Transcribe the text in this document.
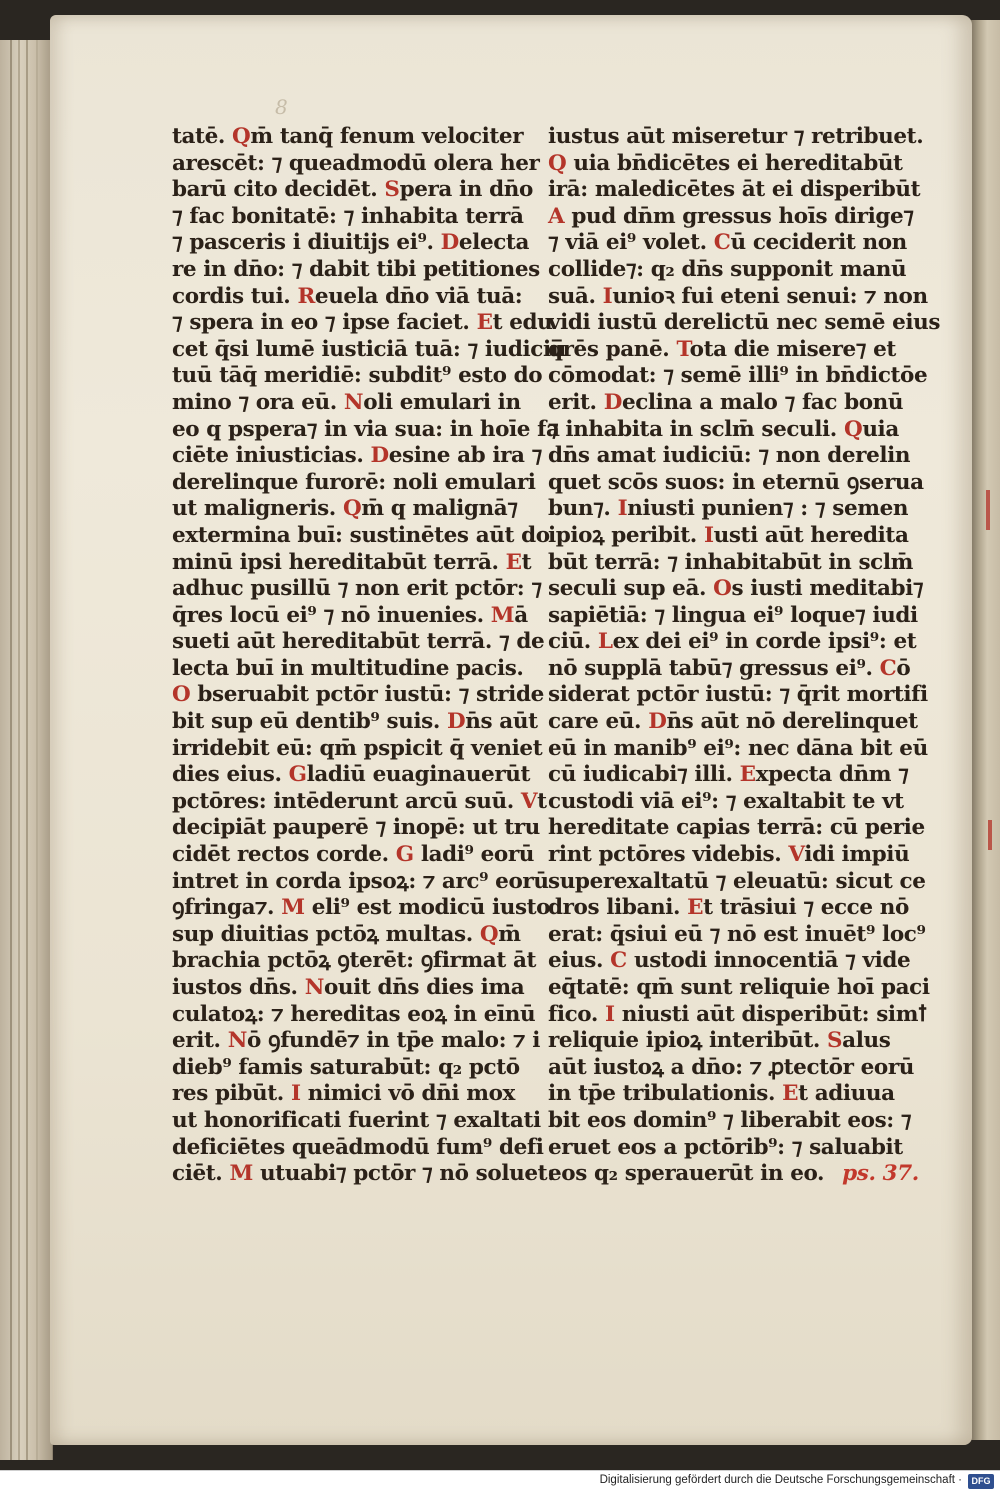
8
tatē. Qm̄ tanq̄ fenum velociter
arescēt: ⁊ queadmodū olera her
barū cito decidēt. Spera in dn̄o
⁊ fac bonitatē: ⁊ inhabita terrā
⁊ pasceris i diuitijs ei⁹. Delecta
re in dn̄o: ⁊ dabit tibi petitiones
cordis tui. Reuela dn̄o viā tuā:
⁊ spera in eo ⁊ ipse faciet. Et edu
cet q̄si lumē iusticiā tuā: ⁊ iudiciū
tuū tāq̄ meridiē: subdit⁹ esto do
mino ⁊ ora eū. Noli emulari in
eo q pspera⁊ in via sua: in hoīe fa
ciēte iniusticias. Desine ab ira ⁊
derelinque furorē: noli emulari
ut maligneris. Qm̄ q malignā⁊
extermina buī: sustinētes aūt do
minū ipsi hereditabūt terrā. Et
adhuc pusillū ⁊ non erit pctōr: ⁊
q̄res locū ei⁹ ⁊ nō inuenies. Mā
sueti aūt hereditabūt terrā. ⁊ de
lecta buī in multitudine pacis.
O bseruabit pctōr iustū: ⁊ stride
bit sup eū dentib⁹ suis. Dn̄s aūt
irridebit eū: qm̄ pspicit q̄ veniet
dies eius. Gladiū euaginauerūt
pctōres: intēderunt arcū suū. Vt
decipiāt pauperē ⁊ inopē: ut tru
cidēt rectos corde. G ladi⁹ eorū
intret in corda ipsoꝝ: ⁊ arc⁹ eorū
ꝯfringa⁊. M eli⁹ est modicū iusto
sup diuitias pctōꝝ multas. Qm̄
brachia pctōꝝ ꝯterēt: ꝯfirmat āt
iustos dn̄s. Nouit dn̄s dies ima
culatoꝝ: ⁊ hereditas eoꝝ in eīnū
erit. Nō ꝯfundē⁊ in tp̄e malo: ⁊ i
dieb⁹ famis saturabūt: q₂ pctō
res pibūt. I nimici vō dn̄i mox
ut honorificati fuerint ⁊ exaltati
deficiētes queādmodū fum⁹ defi
ciēt. M utuabi⁊ pctōr ⁊ nō soluet:
iustus aūt miseretur ⁊ retribuet.
Q uia bn̄dicētes ei hereditabūt
irā: maledicētes āt ei disperibūt
A pud dn̄m gressus hoīs dirige⁊
⁊ viā ei⁹ volet. Cū ceciderit non
collide⁊: q₂ dn̄s supponit manū
suā. Iunioꝛ fui eteni senui: ⁊ non
vidi iustū derelictū nec semē eius
q̄rēs panē. Tota die misere⁊ et
cōmodat: ⁊ semē illi⁹ in bn̄dictōe
erit. Declina a malo ⁊ fac bonū
⁊ inhabita in sclm̄ seculi. Quia
dn̄s amat iudiciū: ⁊ non derelin
quet scōs suos: in eternū ꝯserua
bun⁊. Iniusti punien⁊ : ⁊ semen
ipioꝝ peribit. Iusti aūt heredita
būt terrā: ⁊ inhabitabūt in sclm̄
seculi sup eā. Os iusti meditabi⁊
sapiētiā: ⁊ lingua ei⁹ loque⁊ iudi
ciū. Lex dei ei⁹ in corde ipsi⁹: et
nō supplā tabū⁊ gressus ei⁹. Cō
siderat pctōr iustū: ⁊ q̄rit mortifi
care eū. Dn̄s aūt nō derelinquet
eū in manib⁹ ei⁹: nec dāna bit eū
cū iudicabi⁊ illi. Expecta dn̄m ⁊
custodi viā ei⁹: ⁊ exaltabit te vt
hereditate capias terrā: cū perie
rint pctōres videbis. Vidi impiū
superexaltatū ⁊ eleuatū: sicut ce
dros libani. Et trāsiui ⁊ ecce nō
erat: q̄siui eū ⁊ nō est inuēt⁹ loc⁹
eius. C ustodi innocentiā ⁊ vide
eq̄tatē: qm̄ sunt reliquie hoī paci
fico. I niusti aūt disperibūt: simꝉ
reliquie ipioꝝ interibūt. Salus
aūt iustoꝝ a dn̄o: ⁊ ꝓtectōr eorū
in tp̄e tribulationis. Et adiuua
bit eos domin⁹ ⁊ liberabit eos: ⁊
eruet eos a pctōrib⁹: ⁊ saluabit
eos q₂ sperauerūt in eo. ps. 37.
Digitalisierung gefördert durch die Deutsche Forschungsgemeinschaft ·	DFG
